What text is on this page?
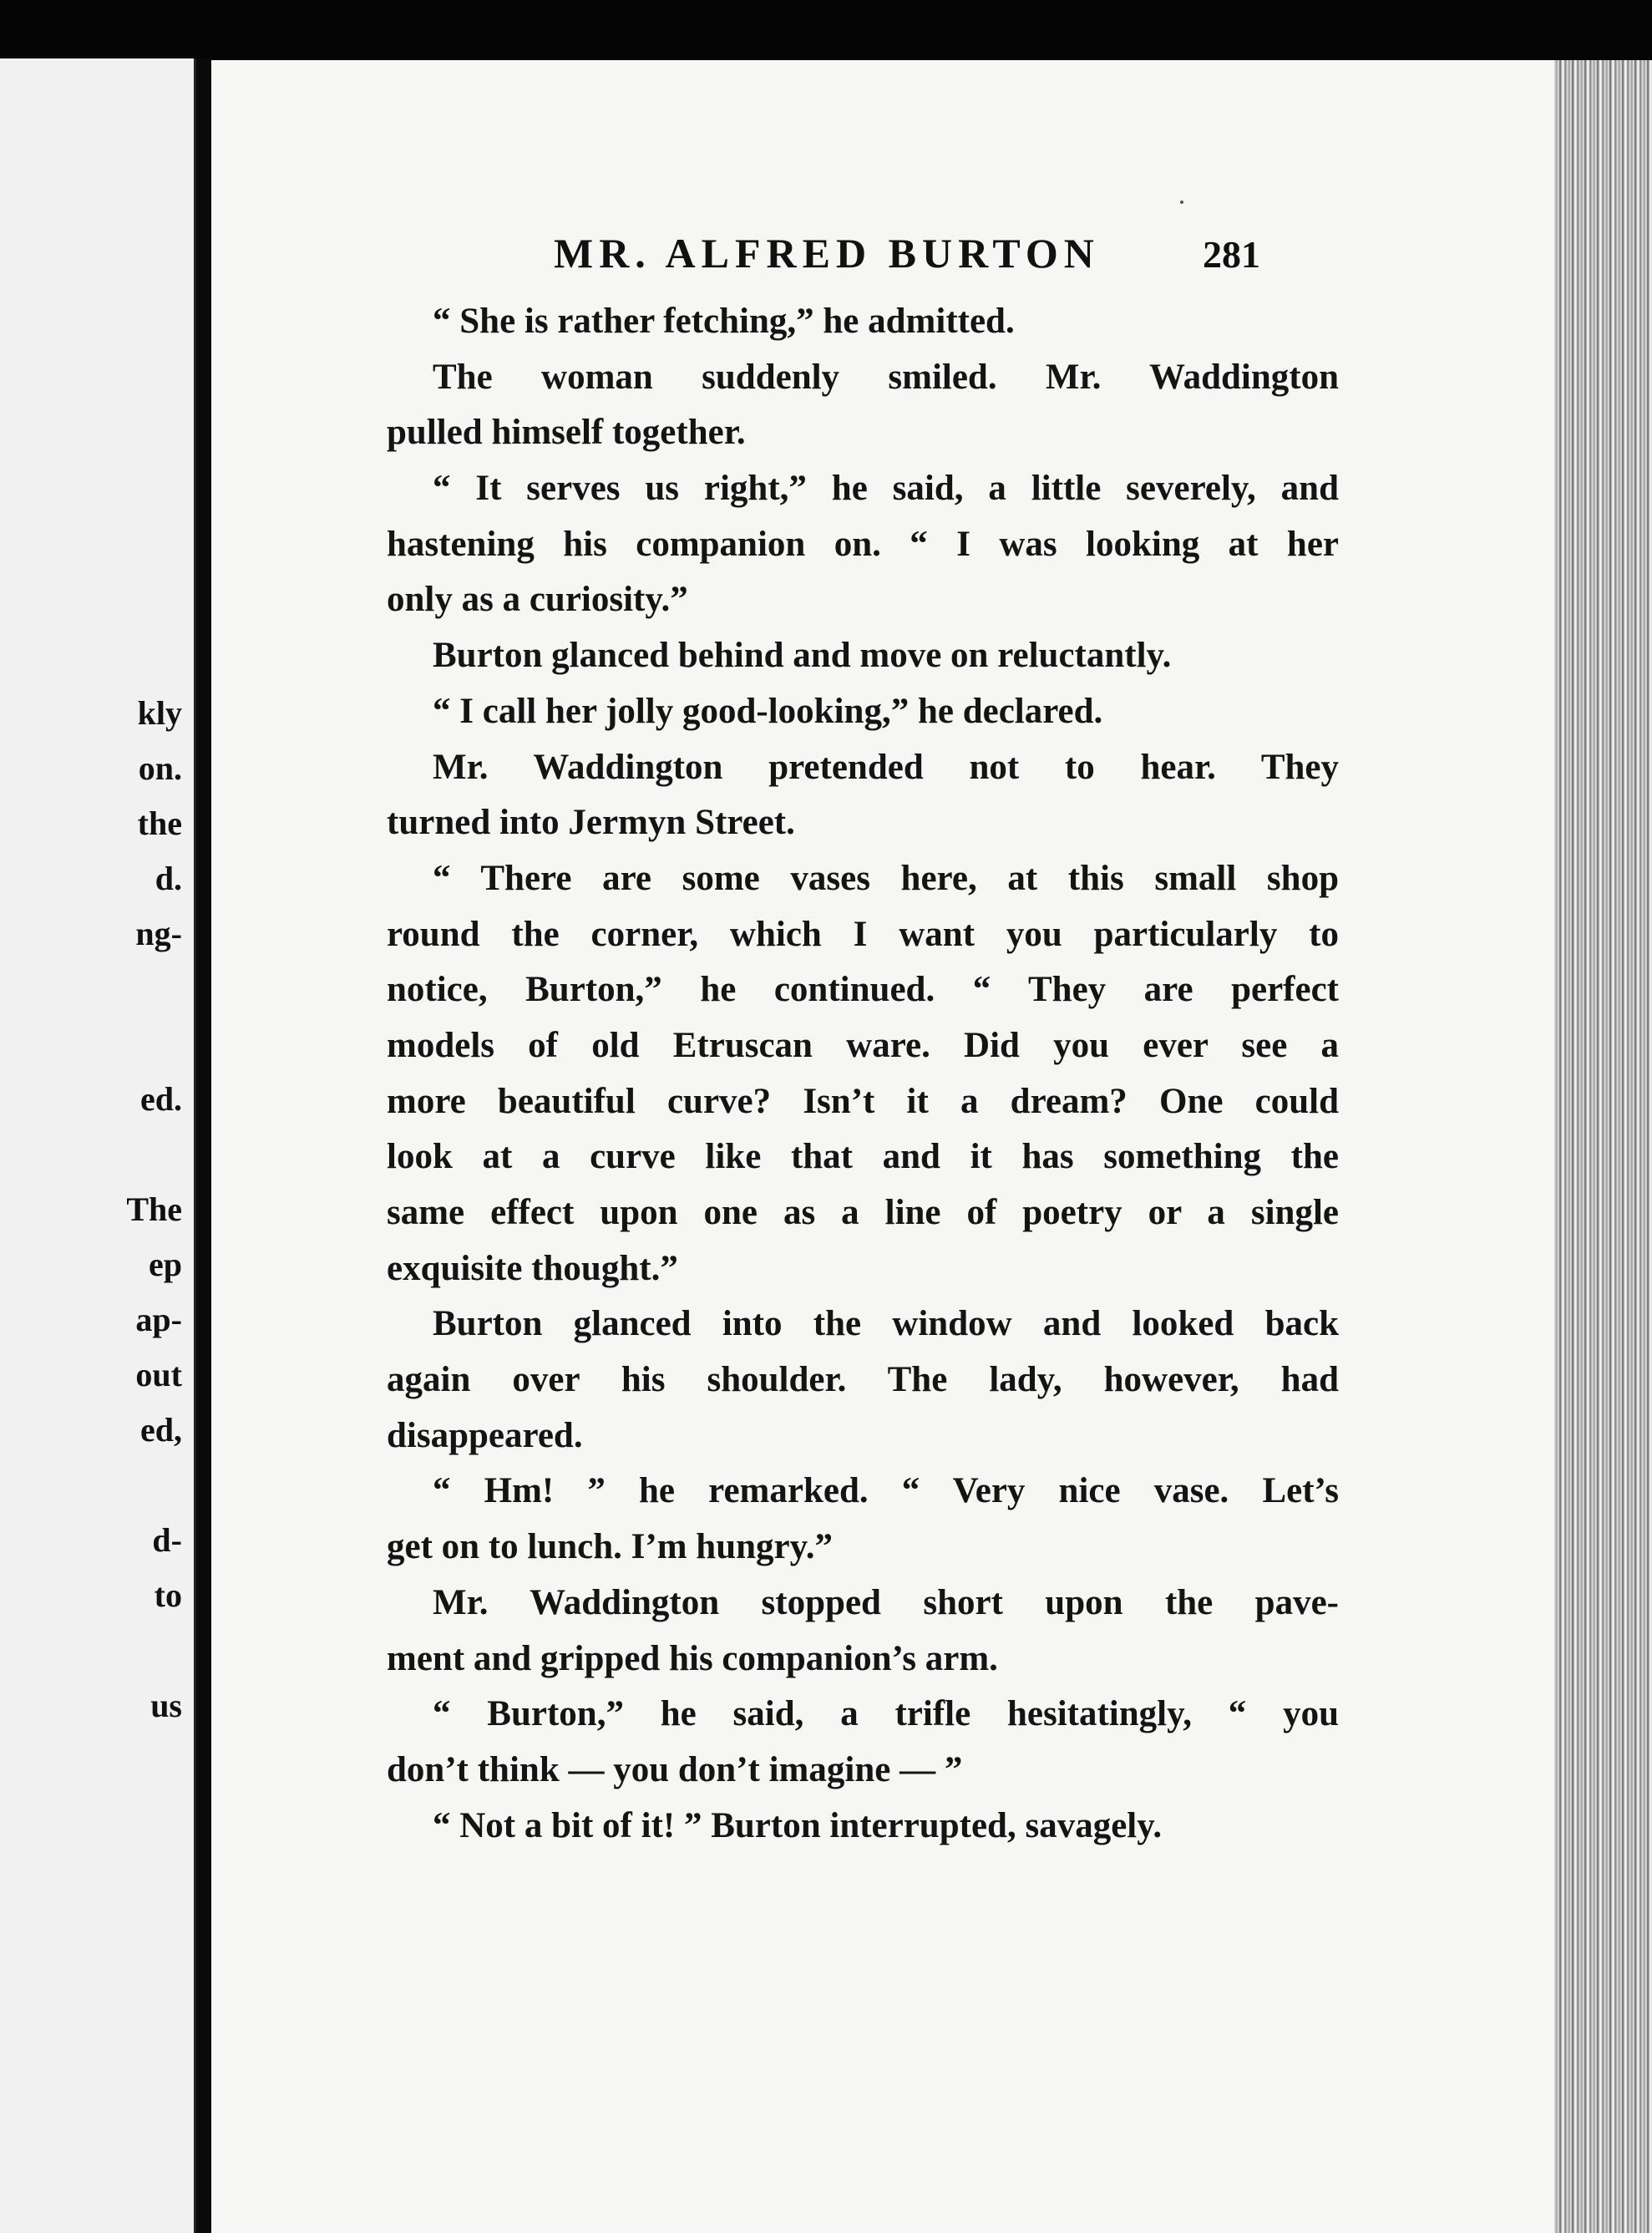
kly

on.

the

d.

ng-

ed.

The

ep

ap-

out

ed,

d-

to

us

MR. ALFRED BURTON	281

“ She is rather fetching,” he admitted.
The woman suddenly smiled. Mr. Waddington
pulled himself together.
“ It serves us right,” he said, a little severely, and
hastening his companion on. “ I was looking at her
only as a curiosity.”
Burton glanced behind and move on reluctantly.
“ I call her jolly good-looking,” he declared.
Mr. Waddington pretended not to hear. They
turned into Jermyn Street.
“ There are some vases here, at this small shop
round the corner, which I want you particularly to
notice, Burton,” he continued. “ They are perfect
models of old Etruscan ware. Did you ever see a
more beautiful curve? Isn’t it a dream? One could
look at a curve like that and it has something the
same effect upon one as a line of poetry or a single
exquisite thought.”
Burton glanced into the window and looked back
again over his shoulder. The lady, however, had
disappeared.
“ Hm! ” he remarked. “ Very nice vase. Let’s
get on to lunch. I’m hungry.”
Mr. Waddington stopped short upon the pave-
ment and gripped his companion’s arm.
“ Burton,” he said, a trifle hesitatingly, “ you
don’t think — you don’t imagine — ”
“ Not a bit of it! ” Burton interrupted, savagely.
